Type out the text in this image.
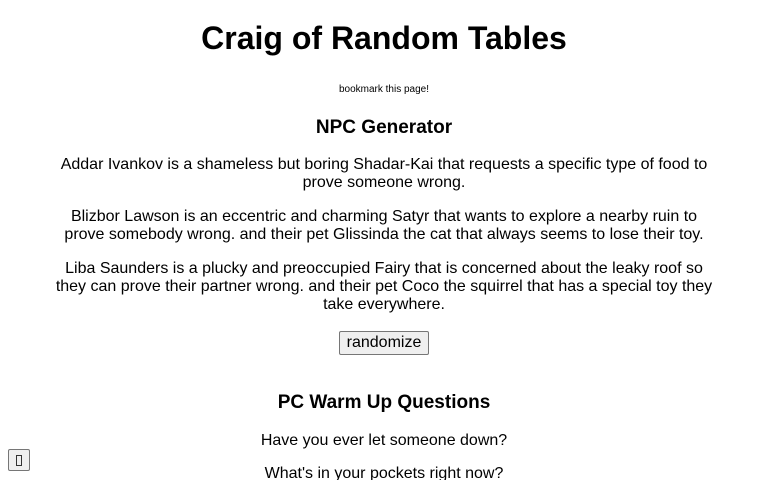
Craig of Random Tables
bookmark this page!
NPC Generator

Addar Ivankov is a shameless but boring Shadar-Kai that requests a specific type of food to prove someone wrong.

Blizbor Lawson is an eccentric and charming Satyr that wants to explore a nearby ruin to prove somebody wrong. and their pet Glissinda the cat that always seems to lose their toy.

Liba Saunders is a plucky and preoccupied Fairy that is concerned about the leaky roof so they can prove their partner wrong. and their pet Coco the squirrel that has a special toy they take everywhere.

randomize
PC Warm Up Questions
Have you ever let someone down?
What's in your pockets right now?
